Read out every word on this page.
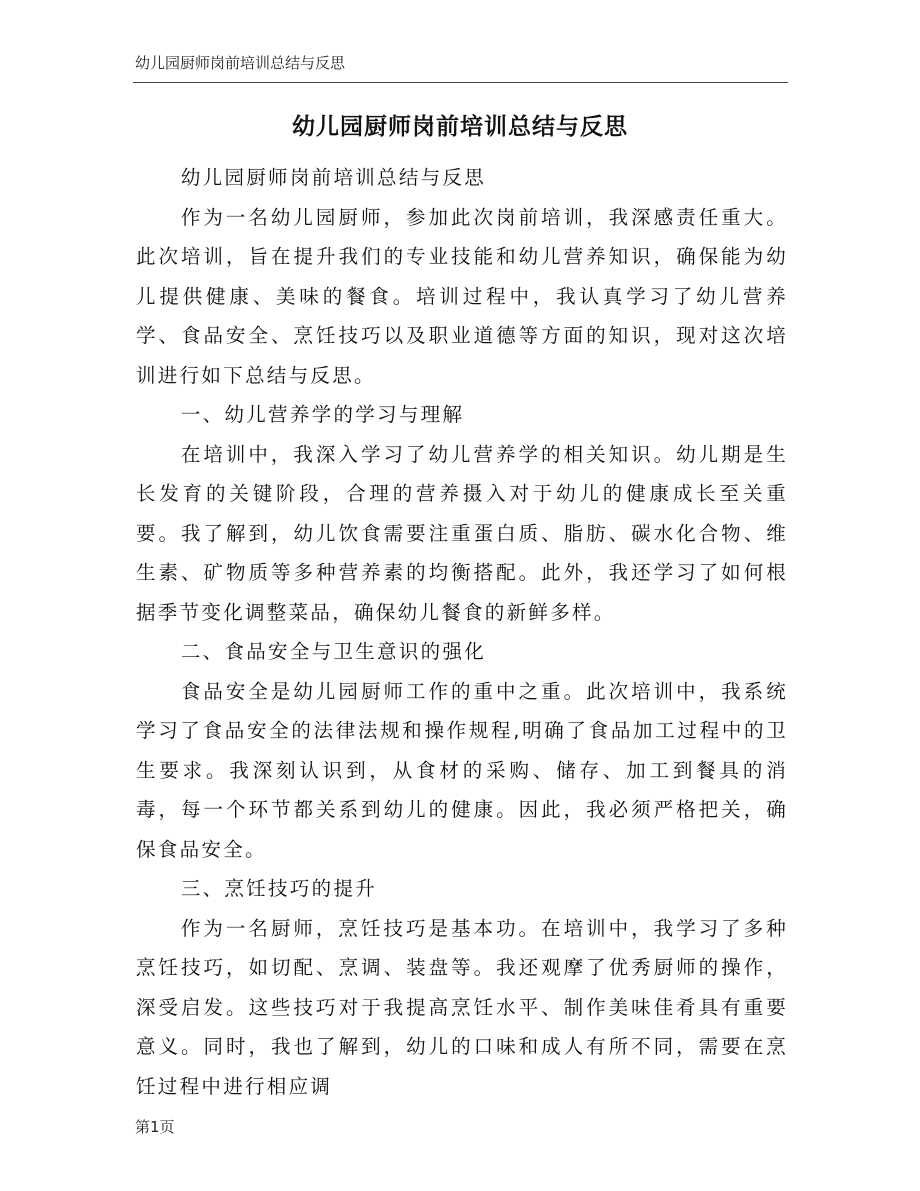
幼儿园厨师岗前培训总结与反思
幼儿园厨师岗前培训总结与反思

幼儿园厨师岗前培训总结与反思

作为一名幼儿园厨师，参加此次岗前培训，我深感责任重大。此次培训，旨在提升我们的专业技能和幼儿营养知识，确保能为幼儿提供健康、美味的餐食。培训过程中，我认真学习了幼儿营养学、食品安全、烹饪技巧以及职业道德等方面的知识，现对这次培训进行如下总结与反思。

一、幼儿营养学的学习与理解

在培训中，我深入学习了幼儿营养学的相关知识。幼儿期是生长发育的关键阶段，合理的营养摄入对于幼儿的健康成长至关重要。我了解到，幼儿饮食需要注重蛋白质、脂肪、碳水化合物、维生素、矿物质等多种营养素的均衡搭配。此外，我还学习了如何根据季节变化调整菜品，确保幼儿餐食的新鲜多样。

二、食品安全与卫生意识的强化

食品安全是幼儿园厨师工作的重中之重。此次培训中，我系统学习了食品安全的法律法规和操作规程,明确了食品加工过程中的卫生要求。我深刻认识到，从食材的采购、储存、加工到餐具的消毒，每一个环节都关系到幼儿的健康。因此，我必须严格把关，确保食品安全。

三、烹饪技巧的提升

作为一名厨师，烹饪技巧是基本功。在培训中，我学习了多种烹饪技巧，如切配、烹调、装盘等。我还观摩了优秀厨师的操作，深受启发。这些技巧对于我提高烹饪水平、制作美味佳肴具有重要意义。同时，我也了解到，幼儿的口味和成人有所不同，需要在烹饪过程中进行相应调

第1页
